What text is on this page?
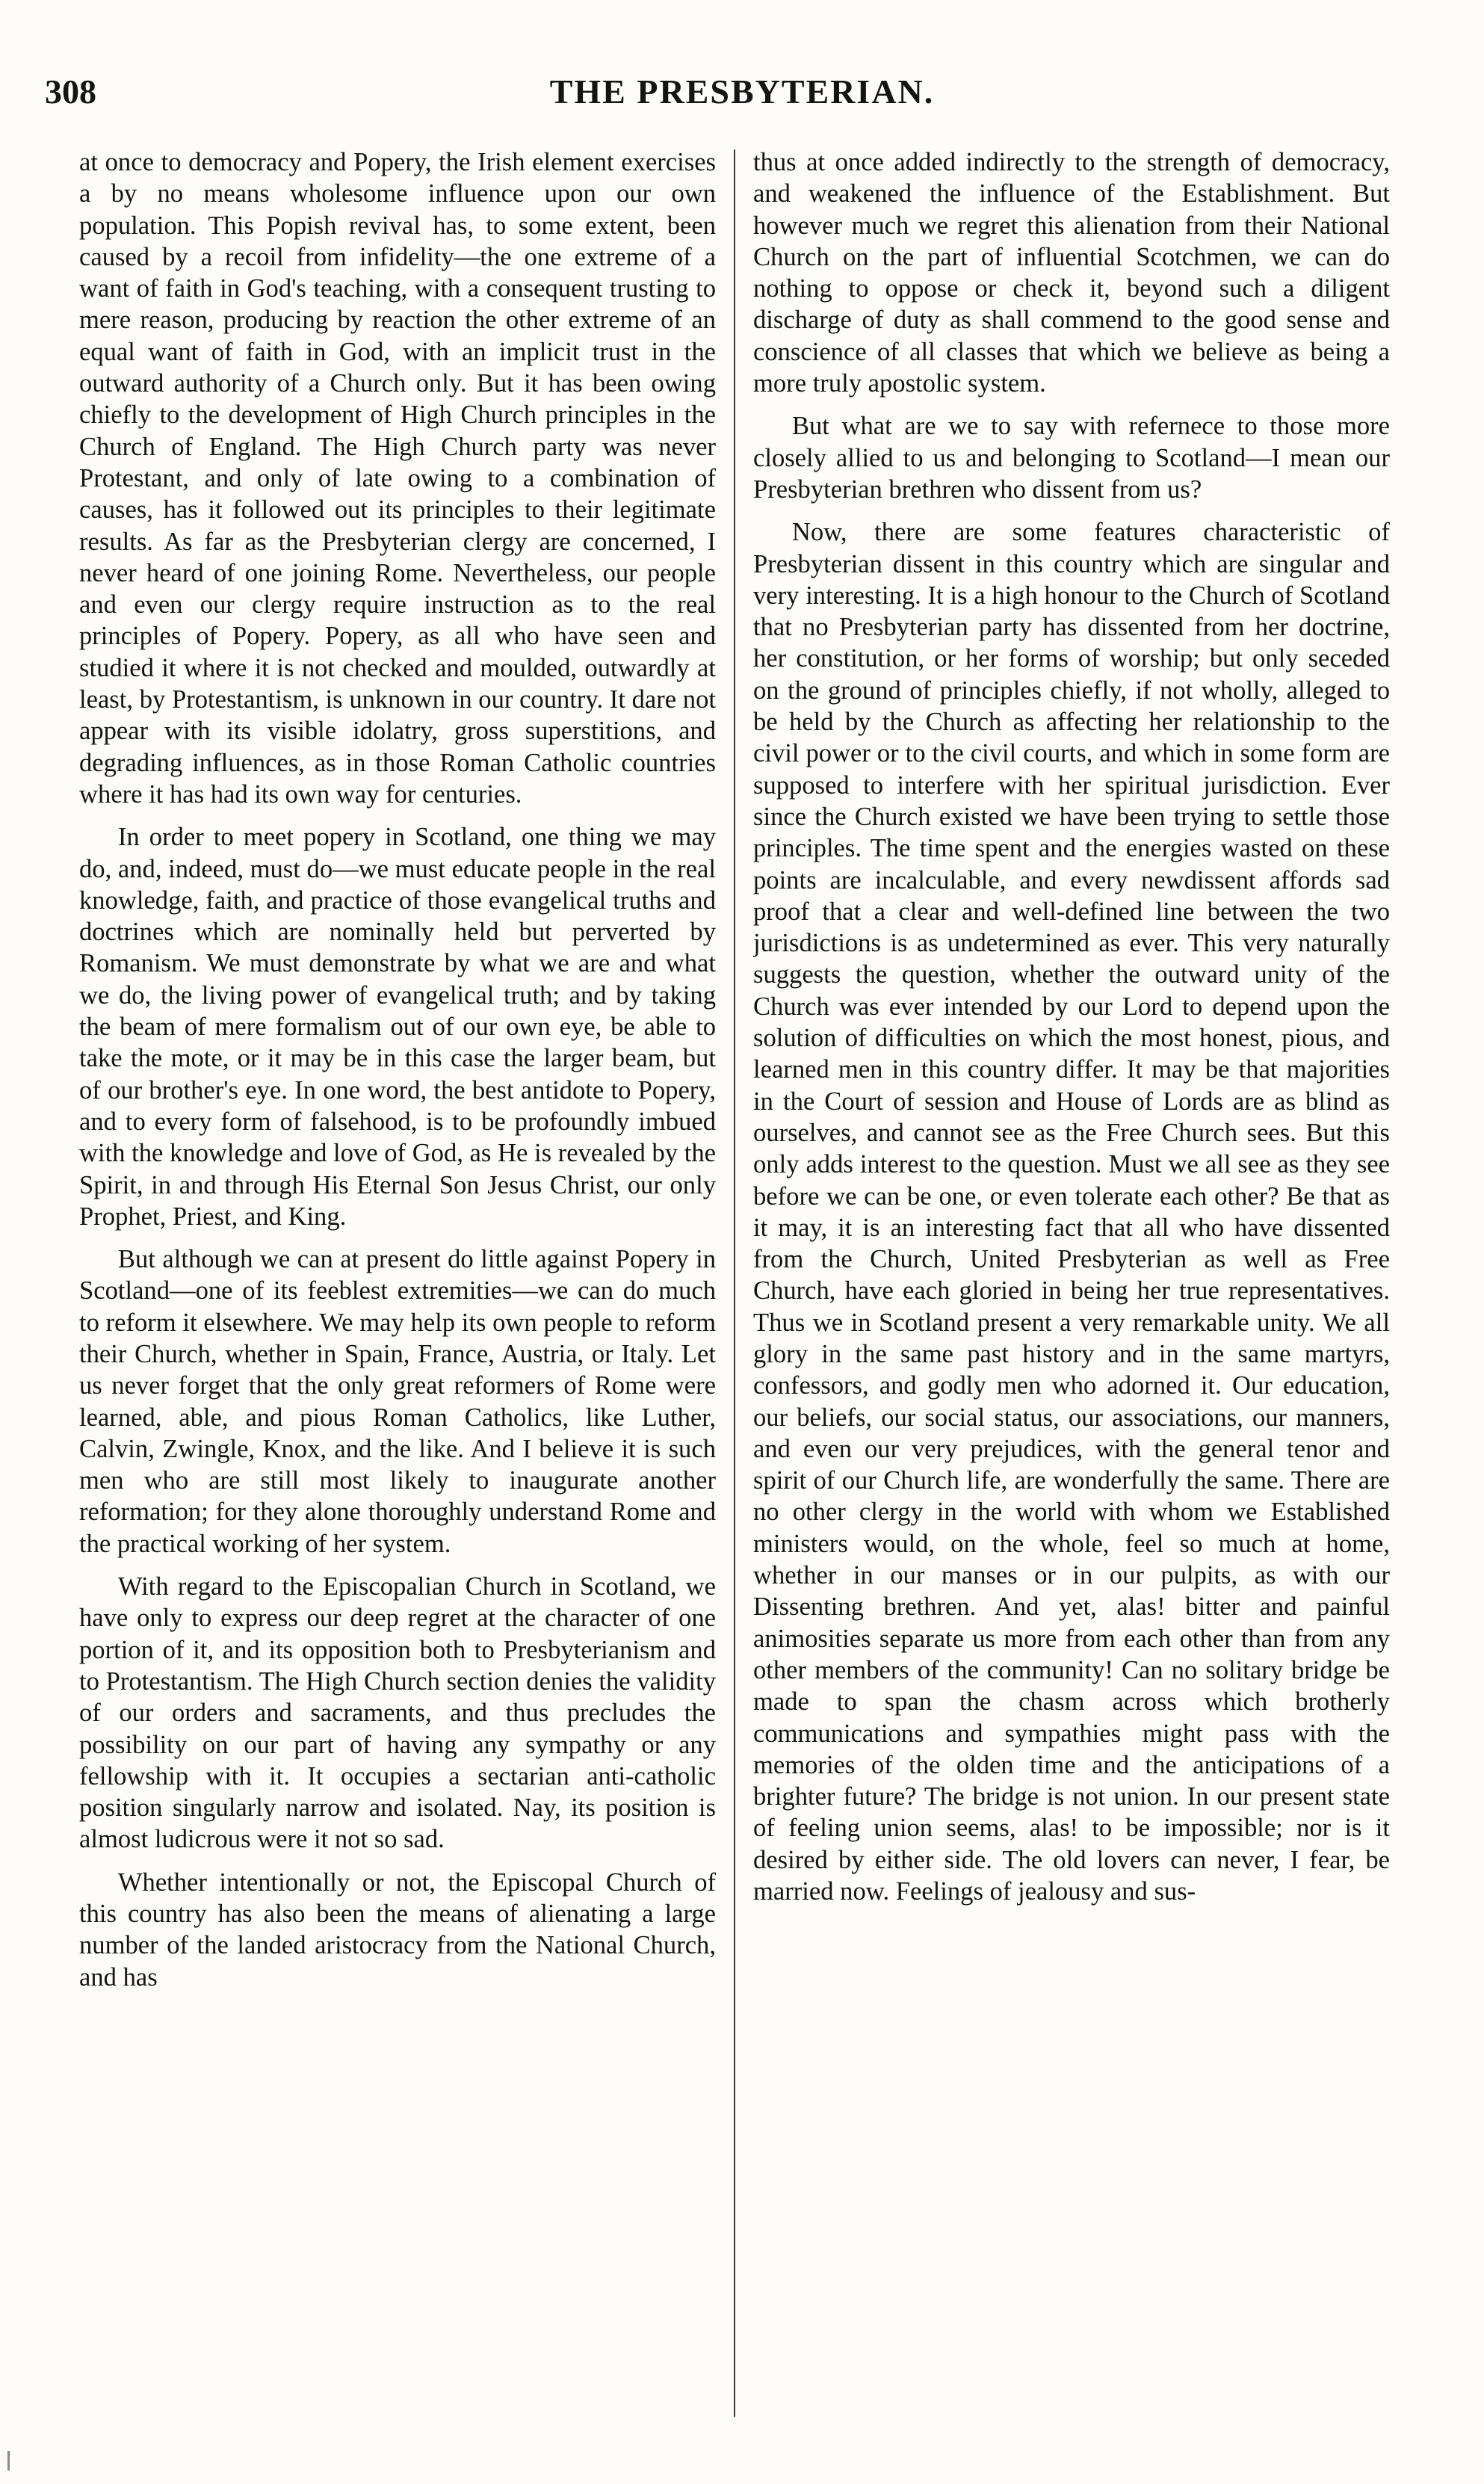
308	THE PRESBYTERIAN.

at once to democracy and Popery, the Irish element exercises a by no means wholesome influence upon our own population. This Popish revival has, to some extent, been caused by a recoil from infidelity—the one extreme of a want of faith in God's teaching, with a consequent trusting to mere reason, producing by reaction the other extreme of an equal want of faith in God, with an implicit trust in the outward authority of a Church only. But it has been owing chiefly to the development of High Church principles in the Church of England. The High Church party was never Protestant, and only of late owing to a combination of causes, has it followed out its principles to their legitimate results. As far as the Presbyterian clergy are concerned, I never heard of one joining Rome. Nevertheless, our people and even our clergy require instruction as to the real principles of Popery. Popery, as all who have seen and studied it where it is not checked and moulded, outwardly at least, by Protestantism, is unknown in our country. It dare not appear with its visible idolatry, gross superstitions, and degrading influences, as in those Roman Catholic countries where it has had its own way for centuries.

In order to meet popery in Scotland, one thing we may do, and, indeed, must do—we must educate people in the real knowledge, faith, and practice of those evangelical truths and doctrines which are nominally held but perverted by Romanism. We must demonstrate by what we are and what we do, the living power of evangelical truth; and by taking the beam of mere formalism out of our own eye, be able to take the mote, or it may be in this case the larger beam, but of our brother's eye. In one word, the best antidote to Popery, and to every form of falsehood, is to be profoundly imbued with the knowledge and love of God, as He is revealed by the Spirit, in and through His Eternal Son Jesus Christ, our only Prophet, Priest, and King.

But although we can at present do little against Popery in Scotland—one of its feeblest extremities—we can do much to reform it elsewhere. We may help its own people to reform their Church, whether in Spain, France, Austria, or Italy. Let us never forget that the only great reformers of Rome were learned, able, and pious Roman Catholics, like Luther, Calvin, Zwingle, Knox, and the like. And I believe it is such men who are still most likely to inaugurate another reformation; for they alone thoroughly understand Rome and the practical working of her system.

With regard to the Episcopalian Church in Scotland, we have only to express our deep regret at the character of one portion of it, and its opposition both to Presbyterianism and to Protestantism. The High Church section denies the validity of our orders and sacraments, and thus precludes the possibility on our part of having any sympathy or any fellowship with it. It occupies a sectarian anti-catholic position singularly narrow and isolated. Nay, its position is almost ludicrous were it not so sad.

Whether intentionally or not, the Episcopal Church of this country has also been the means of alienating a large number of the landed aristocracy from the National Church, and has

thus at once added indirectly to the strength of democracy, and weakened the influence of the Establishment. But however much we regret this alienation from their National Church on the part of influential Scotchmen, we can do nothing to oppose or check it, beyond such a diligent discharge of duty as shall commend to the good sense and conscience of all classes that which we believe as being a more truly apostolic system.

But what are we to say with refernece to those more closely allied to us and belonging to Scotland—I mean our Presbyterian brethren who dissent from us?

Now, there are some features characteristic of Presbyterian dissent in this country which are singular and very interesting. It is a high honour to the Church of Scotland that no Presbyterian party has dissented from her doctrine, her constitution, or her forms of worship; but only seceded on the ground of principles chiefly, if not wholly, alleged to be held by the Church as affecting her relationship to the civil power or to the civil courts, and which in some form are supposed to interfere with her spiritual jurisdiction. Ever since the Church existed we have been trying to settle those principles. The time spent and the energies wasted on these points are incalculable, and every newdissent affords sad proof that a clear and well-defined line between the two jurisdictions is as undetermined as ever. This very naturally suggests the question, whether the outward unity of the Church was ever intended by our Lord to depend upon the solution of difficulties on which the most honest, pious, and learned men in this country differ. It may be that majorities in the Court of session and House of Lords are as blind as ourselves, and cannot see as the Free Church sees. But this only adds interest to the question. Must we all see as they see before we can be one, or even tolerate each other? Be that as it may, it is an interesting fact that all who have dissented from the Church, United Presbyterian as well as Free Church, have each gloried in being her true representatives. Thus we in Scotland present a very remarkable unity. We all glory in the same past history and in the same martyrs, confessors, and godly men who adorned it. Our education, our beliefs, our social status, our associations, our manners, and even our very prejudices, with the general tenor and spirit of our Church life, are wonderfully the same. There are no other clergy in the world with whom we Established ministers would, on the whole, feel so much at home, whether in our manses or in our pulpits, as with our Dissenting brethren. And yet, alas! bitter and painful animosities separate us more from each other than from any other members of the community! Can no solitary bridge be made to span the chasm across which brotherly communications and sympathies might pass with the memories of the olden time and the anticipations of a brighter future? The bridge is not union. In our present state of feeling union seems, alas! to be impossible; nor is it desired by either side. The old lovers can never, I fear, be married now. Feelings of jealousy and sus-
